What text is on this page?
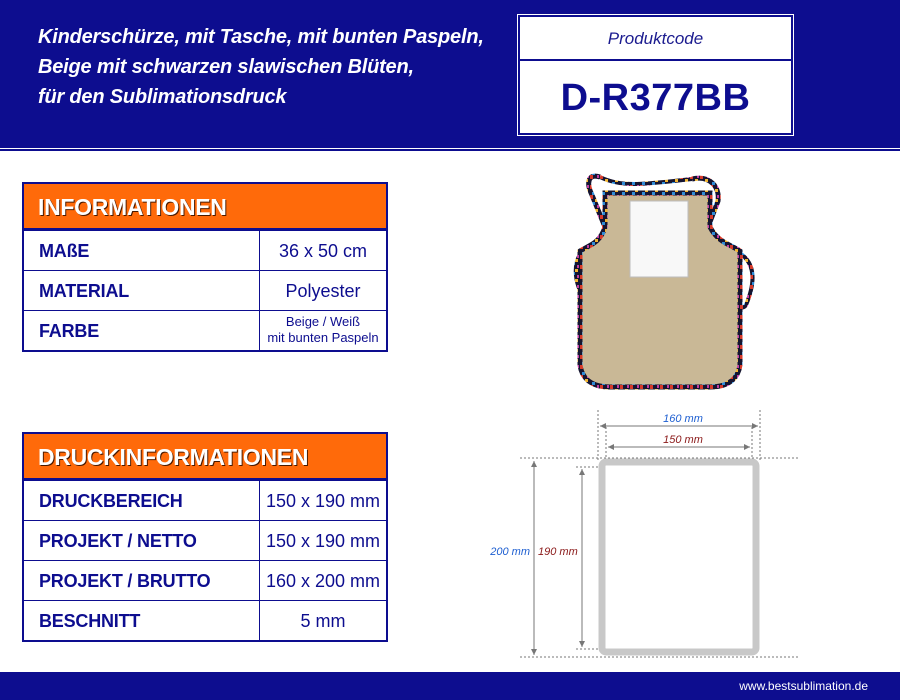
Kinderschürze, mit Tasche, mit bunten Paspeln,
Beige mit schwarzen slawischen Blüten,
für den Sublimationsdruck
Produktcode
D-R377BB
INFORMATIONEN
MAßE	36 x 50 cm
MATERIAL	Polyester
FARBE	Beige / Weiß
mit bunten Paspeln
DRUCKINFORMATIONEN
DRUCKBEREICH	150 x 190 mm
PROJEKT / NETTO	150 x 190 mm
PROJEKT / BRUTTO	160 x 200 mm
BESCHNITT	5 mm
160 mm
150 mm
200 mm 190 mm
www.bestsublimation.de
